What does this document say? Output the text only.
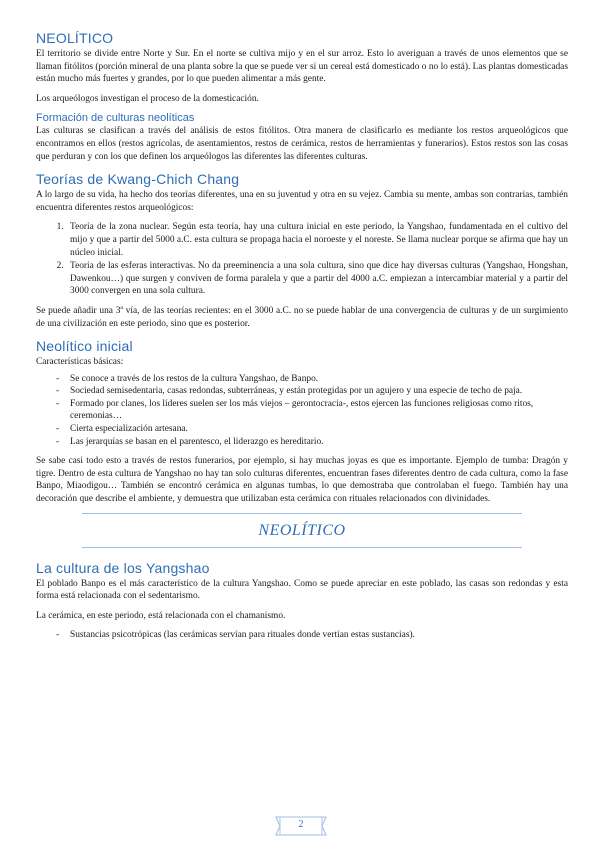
NEOLÍTICO

El territorio se divide entre Norte y Sur. En el norte se cultiva mijo y en el sur arroz. Esto lo averiguan a través de unos elementos que se llaman fitólitos (porción mineral de una planta sobre la que se puede ver si un cereal está domesticado o no lo está). Las plantas domesticadas están mucho más fuertes y grandes, por lo que pueden alimentar a más gente.

Los arqueólogos investigan el proceso de la domesticación.

Formación de culturas neolíticas

Las culturas se clasifican a través del análisis de estos fitólitos. Otra manera de clasificarlo es mediante los restos arqueológicos que encontramos en ellos (restos agrícolas, de asentamientos, restos de cerámica, restos de herramientas y funerarios). Estos restos son las cosas que perduran y con los que definen los arqueólogos las diferentes las diferentes culturas.

Teorías de Kwang-Chich Chang

A lo largo de su vida, ha hecho dos teorías diferentes, una en su juventud y otra en su vejez. Cambia su mente, ambas son contrarias, también encuentra diferentes restos arqueológicos:

1. Teoría de la zona nuclear. Según esta teoría, hay una cultura inicial en este periodo, la Yangshao, fundamentada en el cultivo del mijo y que a partir del 5000 a.C. esta cultura se propaga hacia el noroeste y el noreste. Se llama nuclear porque se afirma que hay un núcleo inicial.
2. Teoría de las esferas interactivas. No da preeminencia a una sola cultura, sino que dice hay diversas culturas (Yangshao, Hongshan, Dawenkou…) que surgen y conviven de forma paralela y que a partir del 4000 a.C. empiezan a intercambiar material y a partir del 3000 convergen en una sola cultura.

Se puede añadir una 3ª vía, de las teorías recientes: en el 3000 a.C. no se puede hablar de una convergencia de culturas y de un surgimiento de una civilización en este periodo, sino que es posterior.

Neolítico inicial

Características básicas:

- Se conoce a través de los restos de la cultura Yangshao, de Banpo.
- Sociedad semisedentaria, casas redondas, subterráneas, y están protegidas por un agujero y una especie de techo de paja.
- Formado por clanes, los líderes suelen ser los más viejos – gerontocracia-, estos ejercen las funciones religiosas como ritos, ceremonias…
- Cierta especialización artesana.
- Las jerarquías se basan en el parentesco, el liderazgo es hereditario.

Se sabe casi todo esto a través de restos funerarios, por ejemplo, si hay muchas joyas es que es importante. Ejemplo de tumba: Dragón y tigre. Dentro de esta cultura de Yangshao no hay tan solo culturas diferentes, encuentran fases diferentes dentro de cada cultura, como la fase Banpo, Miaodigou… También se encontró cerámica en algunas tumbas, lo que demostraba que controlaban el fuego. También hay una decoración que describe el ambiente, y demuestra que utilizaban esta cerámica con rituales relacionados con divinidades.

NEOLÍTICO
La cultura de los Yangshao

El poblado Banpo es el más característico de la cultura Yangshao. Como se puede apreciar en este poblado, las casas son redondas y esta forma está relacionada con el sedentarismo.

La cerámica, en este periodo, está relacionada con el chamanismo.

- Sustancias psicotrópicas (las cerámicas servían para rituales donde vertían estas sustancias).
2
